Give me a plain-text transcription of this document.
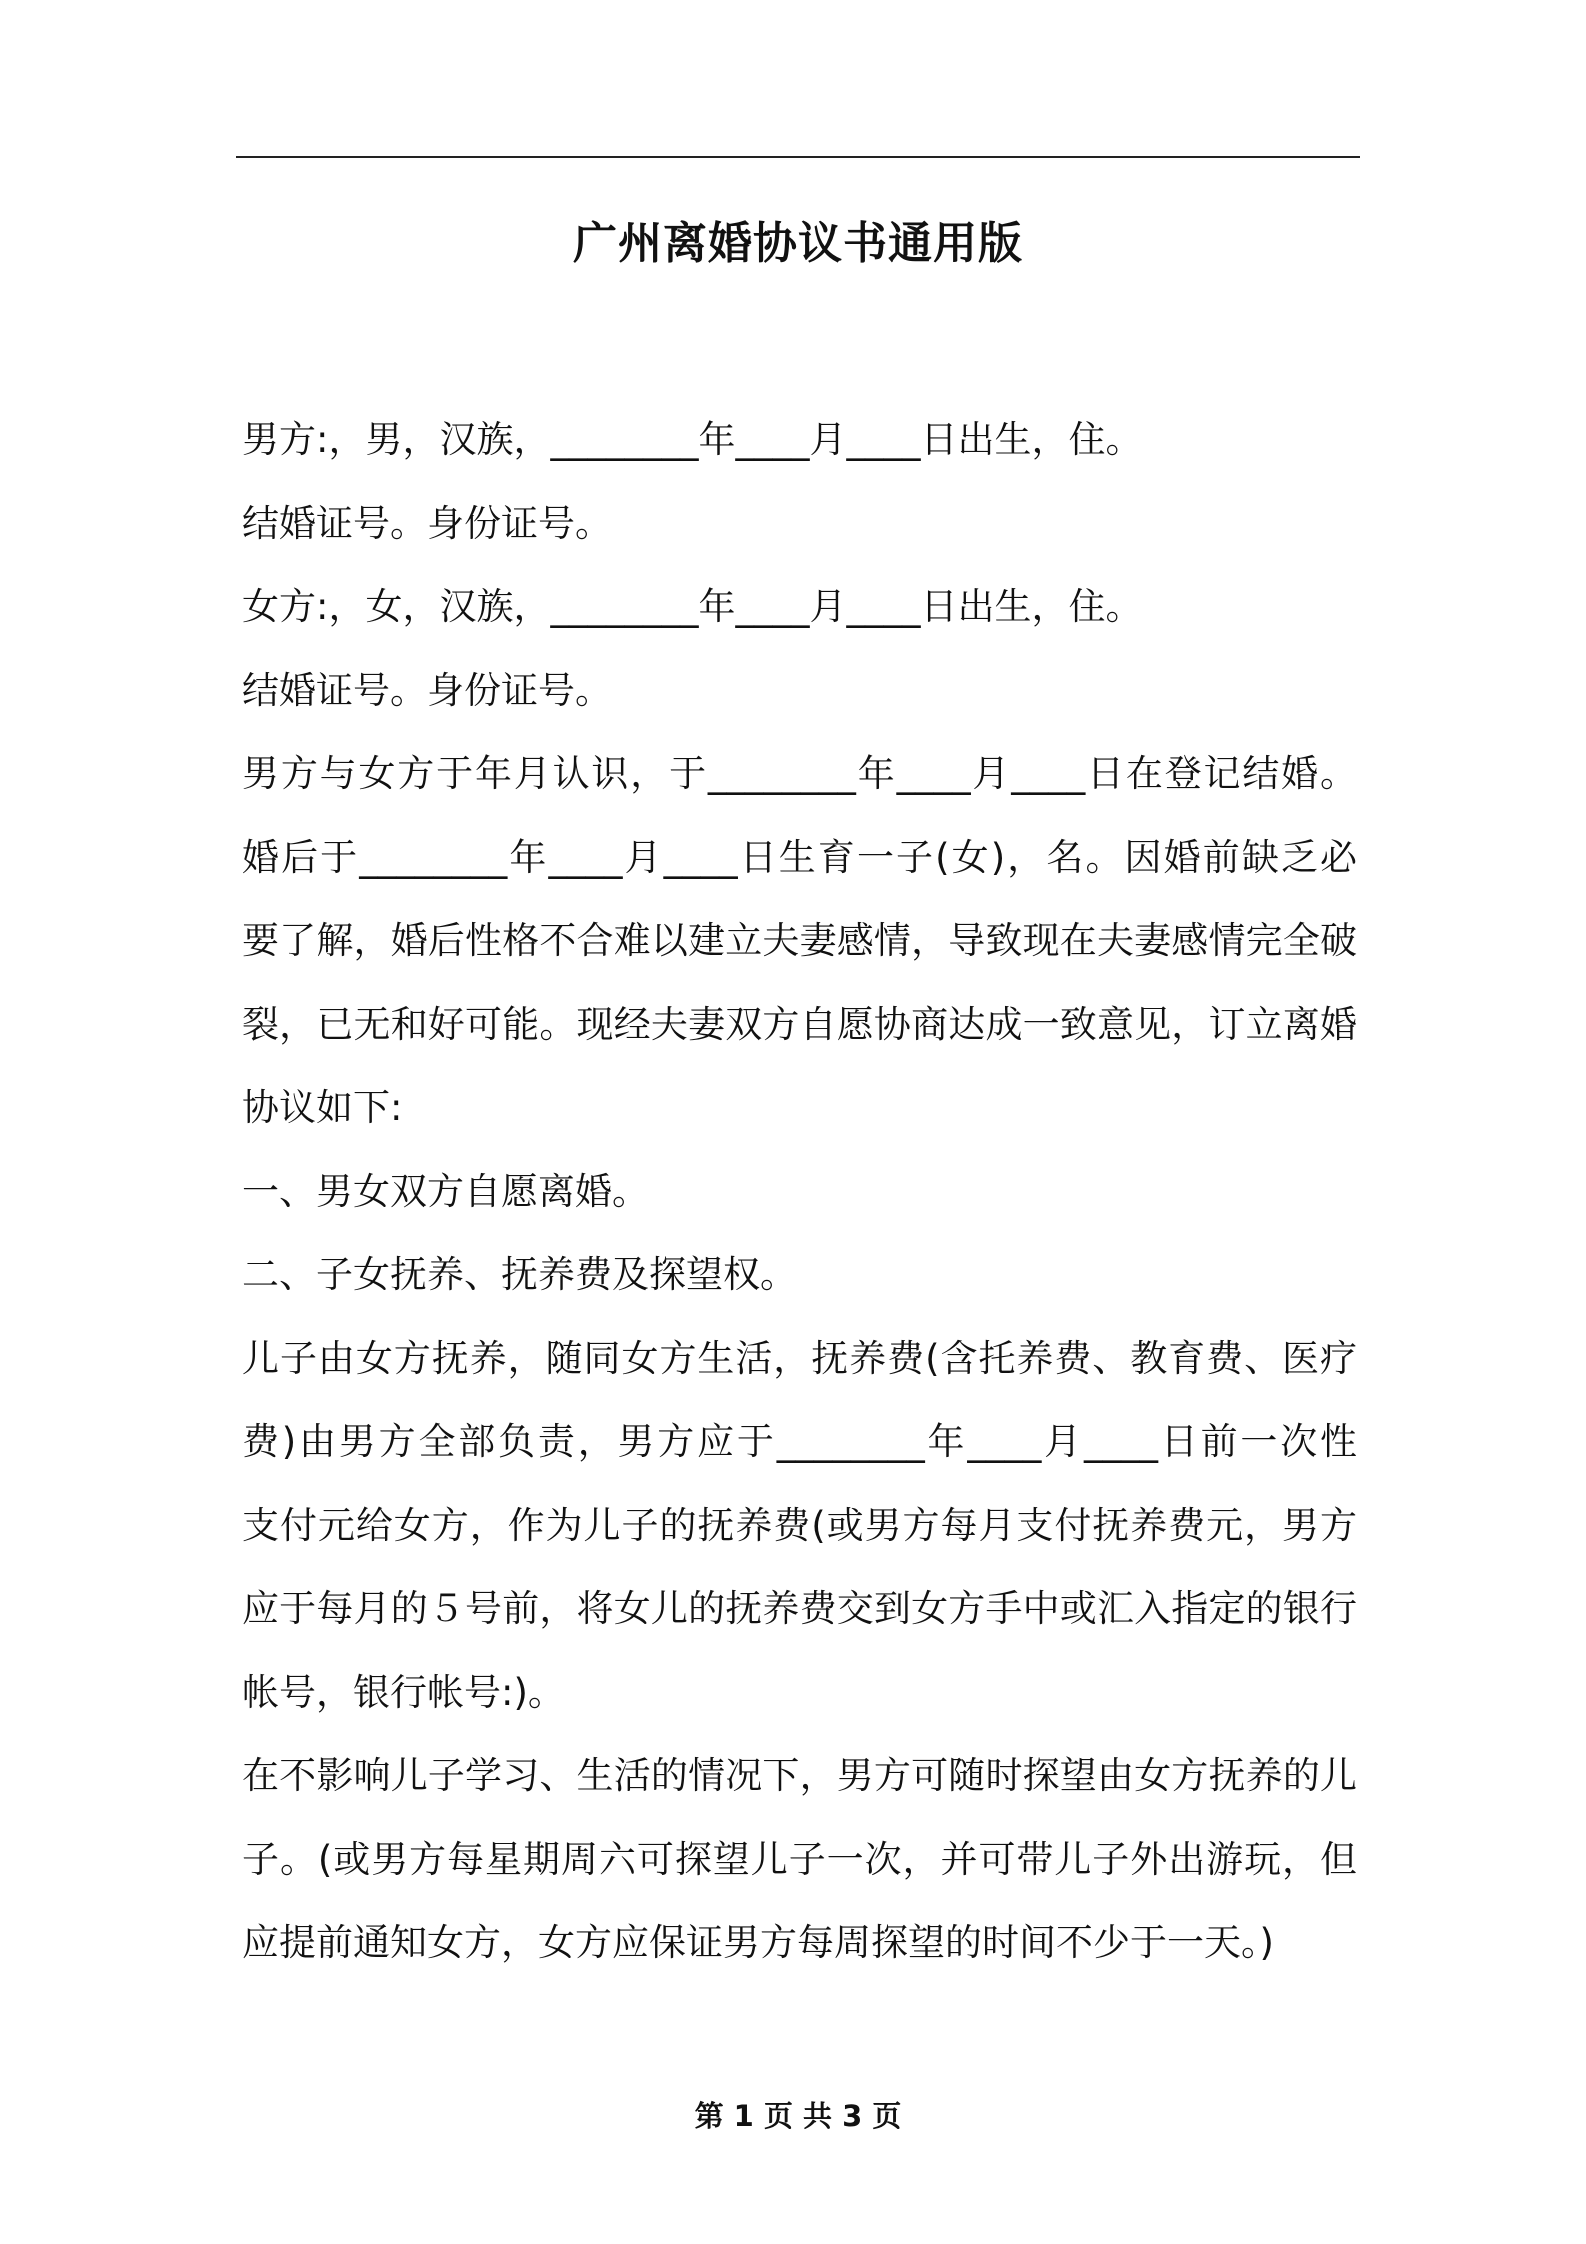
广州离婚协议书通用版

男方:，男，汉族，________年____月____日出生，住。

结婚证号。身份证号。

女方:，女，汉族，________年____月____日出生，住。

结婚证号。身份证号。

男方与女方于年月认识，于________年____月____日在登记结婚。

婚后于________年____月____日生育一子(女)，名。因婚前缺乏必

要了解，婚后性格不合难以建立夫妻感情，导致现在夫妻感情完全破

裂，已无和好可能。现经夫妻双方自愿协商达成一致意见，订立离婚

协议如下:

一、男女双方自愿离婚。

二、子女抚养、抚养费及探望权。

儿子由女方抚养，随同女方生活，抚养费(含托养费、教育费、医疗

费)由男方全部负责，男方应于________年____月____日前一次性

支付元给女方，作为儿子的抚养费(或男方每月支付抚养费元，男方

应于每月的５号前，将女儿的抚养费交到女方手中或汇入指定的银行

帐号，银行帐号:)。

在不影响儿子学习、生活的情况下，男方可随时探望由女方抚养的儿

子。(或男方每星期周六可探望儿子一次，并可带儿子外出游玩，但

应提前通知女方，女方应保证男方每周探望的时间不少于一天。)

第 1 页 共 3 页
